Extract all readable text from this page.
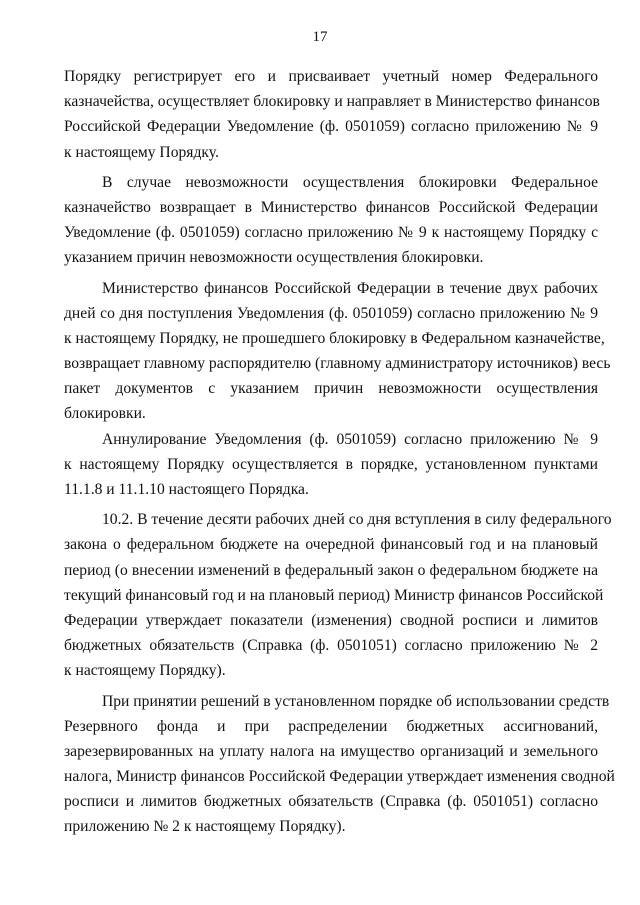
17
Порядку регистрирует его и присваивает учетный номер Федерального
казначейства, осуществляет блокировку и направляет в Министерство финансов
Российской Федерации Уведомление (ф. 0501059) согласно приложению № 9
к настоящему Порядку.
В случае невозможности осуществления блокировки Федеральное
казначейство возвращает в Министерство финансов Российской Федерации
Уведомление (ф. 0501059) согласно приложению № 9 к настоящему Порядку с
указанием причин невозможности осуществления блокировки.
Министерство финансов Российской Федерации в течение двух рабочих
дней со дня поступления Уведомления (ф. 0501059) согласно приложению № 9
к настоящему Порядку, не прошедшего блокировку в Федеральном казначействе,
возвращает главному распорядителю (главному администратору источников) весь
пакет документов с указанием причин невозможности осуществления
блокировки.
Аннулирование Уведомления (ф. 0501059) согласно приложению № 9
к настоящему Порядку осуществляется в порядке, установленном пунктами
11.1.8 и 11.1.10 настоящего Порядка.
10.2. В течение десяти рабочих дней со дня вступления в силу федерального
закона о федеральном бюджете на очередной финансовый год и на плановый
период (о внесении изменений в федеральный закон о федеральном бюджете на
текущий финансовый год и на плановый период) Министр финансов Российской
Федерации утверждает показатели (изменения) сводной росписи и лимитов
бюджетных обязательств (Справка (ф. 0501051) согласно приложению № 2
к настоящему Порядку).
При принятии решений в установленном порядке об использовании средств
Резервного фонда и при распределении бюджетных ассигнований,
зарезервированных на уплату налога на имущество организаций и земельного
налога, Министр финансов Российской Федерации утверждает изменения сводной
росписи и лимитов бюджетных обязательств (Справка (ф. 0501051) согласно
приложению № 2 к настоящему Порядку).
